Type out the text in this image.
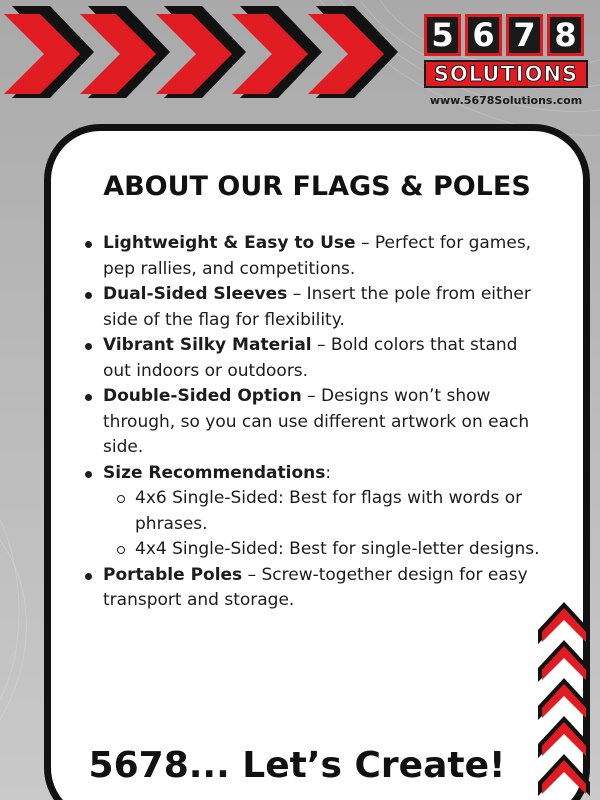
5 6 7 8
SOLUTIONS
www.5678Solutions.com
ABOUT OUR FLAGS & POLES
Lightweight & Easy to Use – Perfect for games, pep rallies, and competitions.
Dual-Sided Sleeves – Insert the pole from either side of the flag for flexibility.
Vibrant Silky Material – Bold colors that stand out indoors or outdoors.
Double-Sided Option – Designs won’t show through, so you can use different artwork on each side.
Size Recommendations:
4x6 Single-Sided: Best for flags with words or phrases.
4x4 Single-Sided: Best for single-letter designs.
Portable Poles – Screw-together design for easy transport and storage.
5678... Let’s Create!
